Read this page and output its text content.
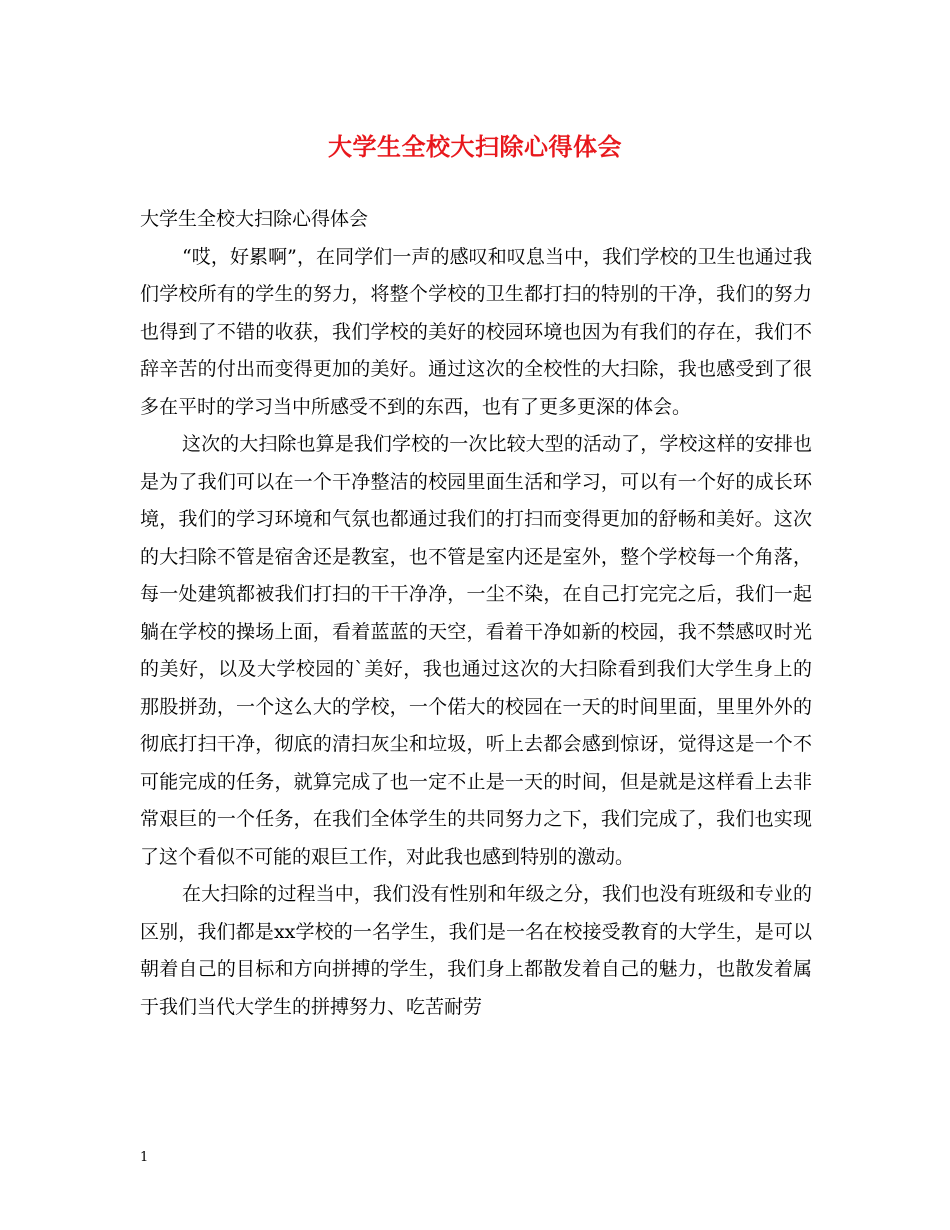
大学生全校大扫除心得体会

大学生全校大扫除心得体会

“哎，好累啊”，在同学们一声的感叹和叹息当中，我们学校的卫生也通过我们学校所有的学生的努力，将整个学校的卫生都打扫的特别的干净，我们的努力也得到了不错的收获，我们学校的美好的校园环境也因为有我们的存在，我们不辞辛苦的付出而变得更加的美好。通过这次的全校性的大扫除，我也感受到了很多在平时的学习当中所感受不到的东西，也有了更多更深的体会。

这次的大扫除也算是我们学校的一次比较大型的活动了，学校这样的安排也是为了我们可以在一个干净整洁的校园里面生活和学习，可以有一个好的成长环境，我们的学习环境和气氛也都通过我们的打扫而变得更加的舒畅和美好。这次的大扫除不管是宿舍还是教室，也不管是室内还是室外，整个学校每一个角落，每一处建筑都被我们打扫的干干净净，一尘不染，在自己打完完之后，我们一起躺在学校的操场上面，看着蓝蓝的天空，看着干净如新的校园，我不禁感叹时光的美好，以及大学校园的`美好，我也通过这次的大扫除看到我们大学生身上的那股拼劲，一个这么大的学校，一个偌大的校园在一天的时间里面，里里外外的彻底打扫干净，彻底的清扫灰尘和垃圾，听上去都会感到惊讶，觉得这是一个不可能完成的任务，就算完成了也一定不止是一天的时间，但是就是这样看上去非常艰巨的一个任务，在我们全体学生的共同努力之下，我们完成了，我们也实现了这个看似不可能的艰巨工作，对此我也感到特别的激动。

在大扫除的过程当中，我们没有性别和年级之分，我们也没有班级和专业的区别，我们都是xx学校的一名学生，我们是一名在校接受教育的大学生，是可以朝着自己的目标和方向拼搏的学生，我们身上都散发着自己的魅力，也散发着属于我们当代大学生的拼搏努力、吃苦耐劳

1
